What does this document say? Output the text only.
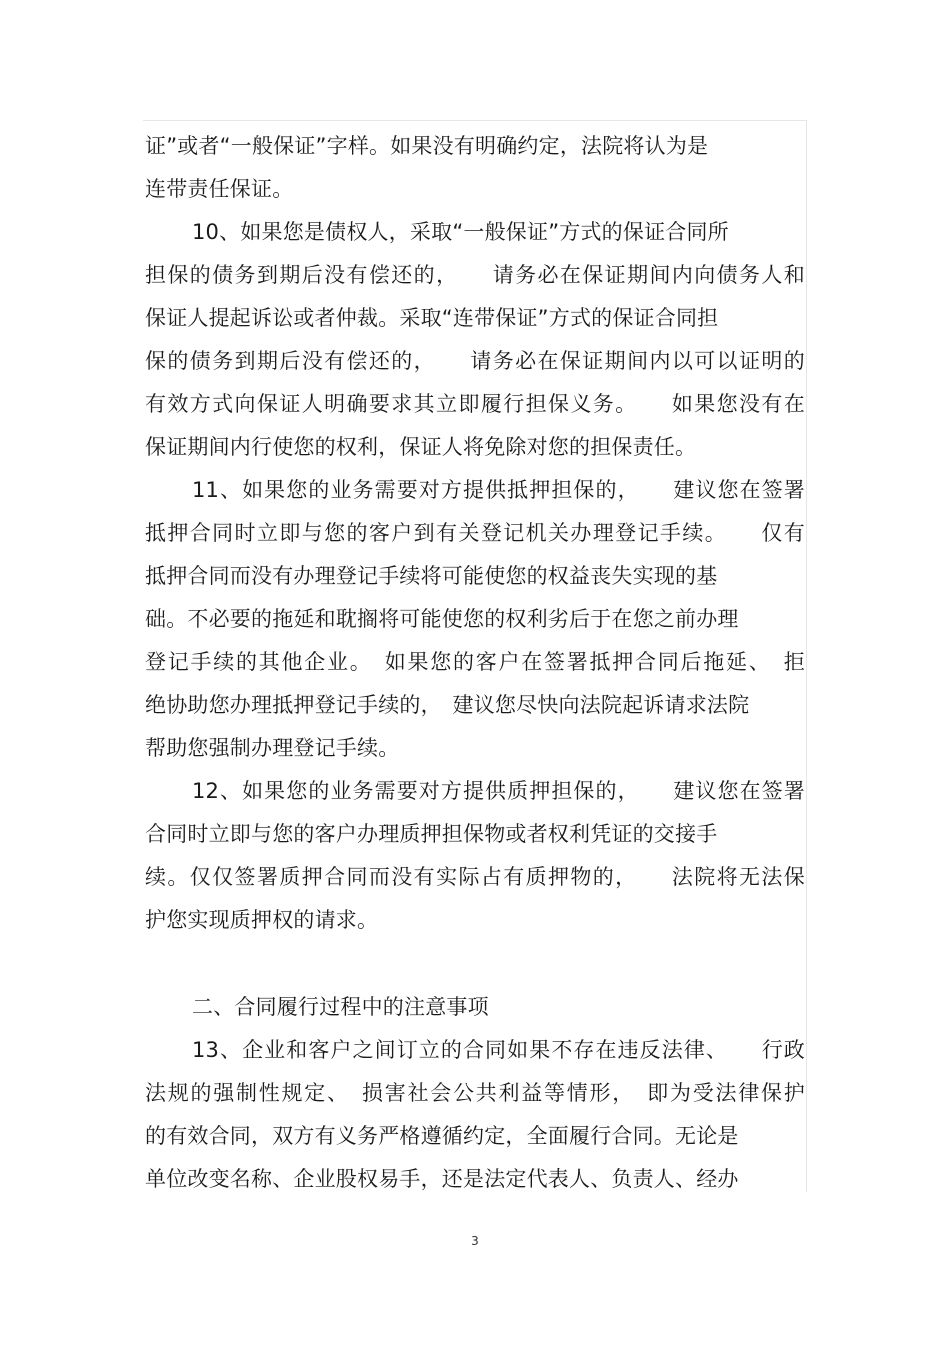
证”或者“一般保证”字样。如果没有明确约定，法院将认为是
连带责任保证。
10、如果您是债权人，采取“一般保证”方式的保证合同所
担保的债务到期后没有偿还的，　　请务必在保证期间内向债务人和
保证人提起诉讼或者仲裁。采取“连带保证”方式的保证合同担
保的债务到期后没有偿还的，　　请务必在保证期间内以可以证明的
有效方式向保证人明确要求其立即履行担保义务。　　如果您没有在
保证期间内行使您的权利，保证人将免除对您的担保责任。
11、如果您的业务需要对方提供抵押担保的，　　建议您在签署
抵押合同时立即与您的客户到有关登记机关办理登记手续。　　仅有
抵押合同而没有办理登记手续将可能使您的权益丧失实现的基
础。不必要的拖延和耽搁将可能使您的权利劣后于在您之前办理
登记手续的其他企业。　如果您的客户在签署抵押合同后拖延、　拒
绝协助您办理抵押登记手续的，　建议您尽快向法院起诉请求法院
帮助您强制办理登记手续。
12、如果您的业务需要对方提供质押担保的，　　建议您在签署
合同时立即与您的客户办理质押担保物或者权利凭证的交接手
续。仅仅签署质押合同而没有实际占有质押物的，　　法院将无法保
护您实现质押权的请求。
二、合同履行过程中的注意事项
13、企业和客户之间订立的合同如果不存在违反法律、　　行政
法规的强制性规定、　损害社会公共利益等情形，　即为受法律保护
的有效合同，双方有义务严格遵循约定，全面履行合同。无论是
单位改变名称、企业股权易手，还是法定代表人、负责人、经办
3
